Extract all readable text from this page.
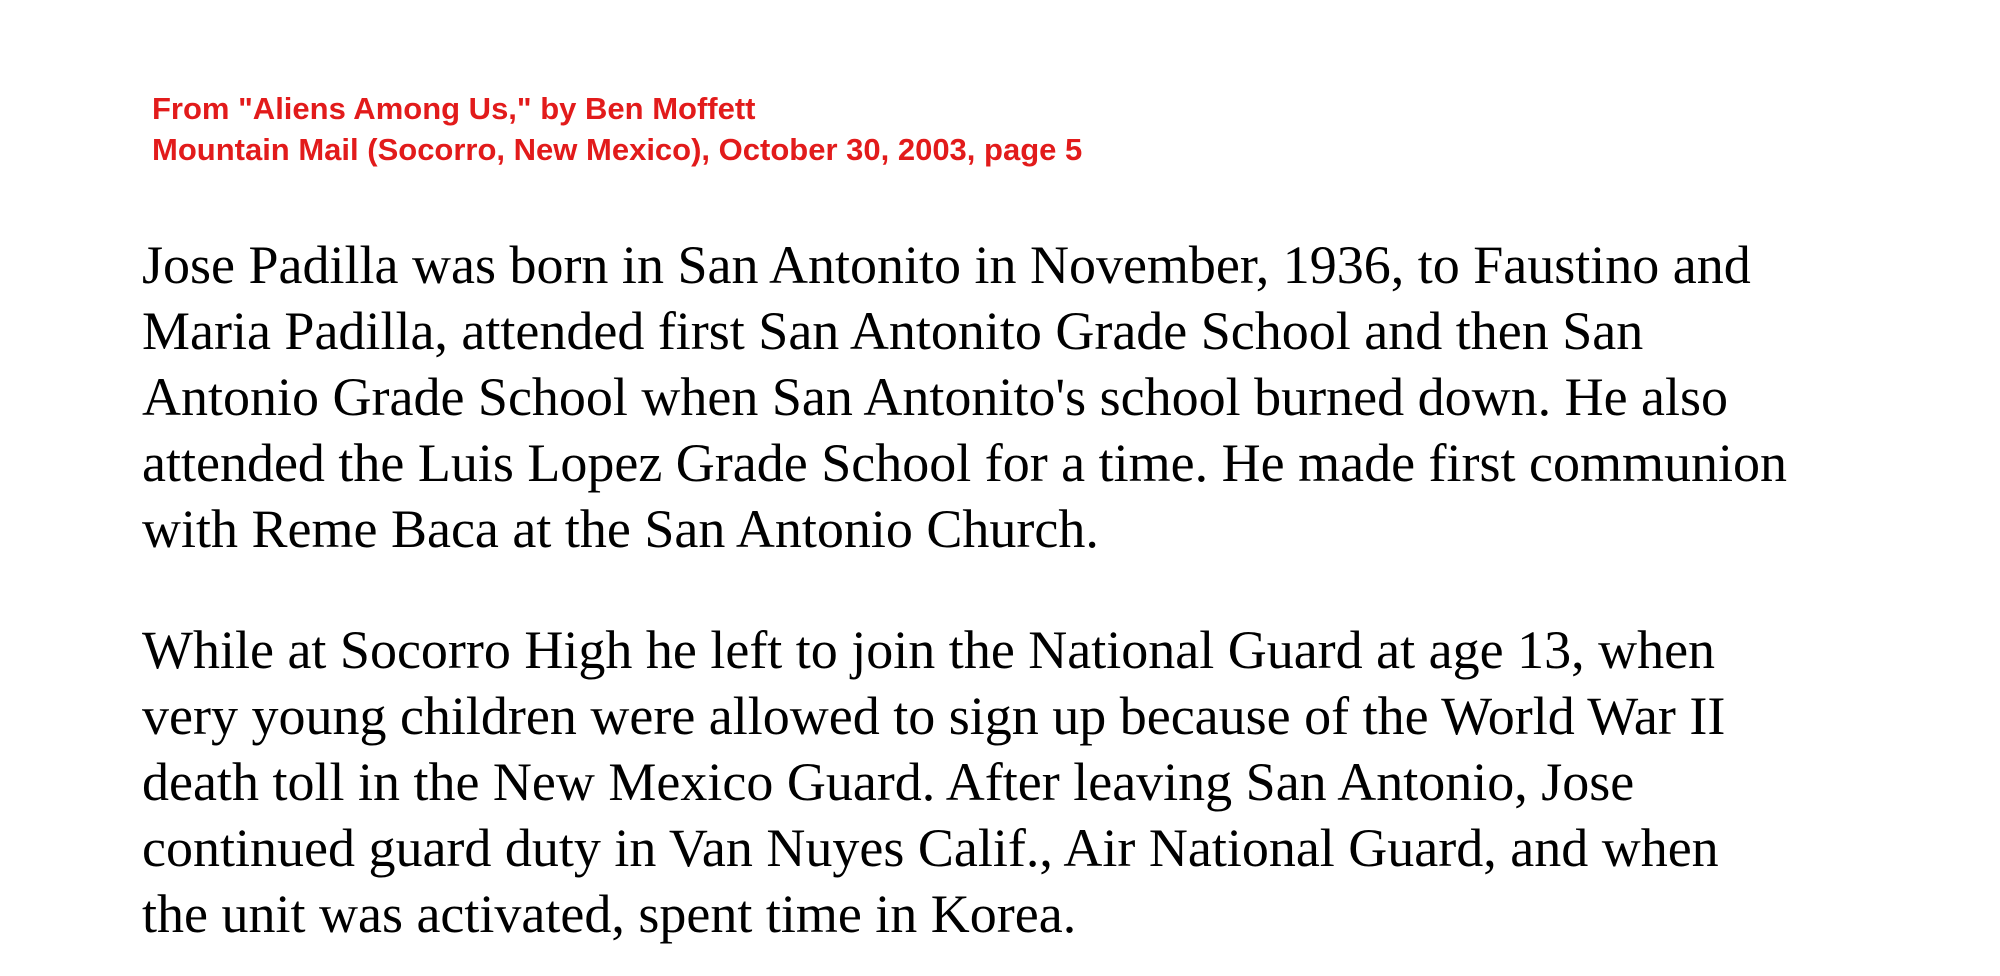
From "Aliens Among Us," by Ben Moffett
Mountain Mail (Socorro, New Mexico), October 30, 2003, page 5
Jose Padilla was born in San Antonito in November, 1936, to Faustino and
Maria Padilla, attended first San Antonito Grade School and then San
Antonio Grade School when San Antonito's school burned down. He also
attended the Luis Lopez Grade School for a time. He made first communion
with Reme Baca at the San Antonio Church.
While at Socorro High he left to join the National Guard at age 13, when
very young children were allowed to sign up because of the World War II
death toll in the New Mexico Guard. After leaving San Antonio, Jose
continued guard duty in Van Nuyes Calif., Air National Guard, and when
the unit was activated, spent time in Korea.
